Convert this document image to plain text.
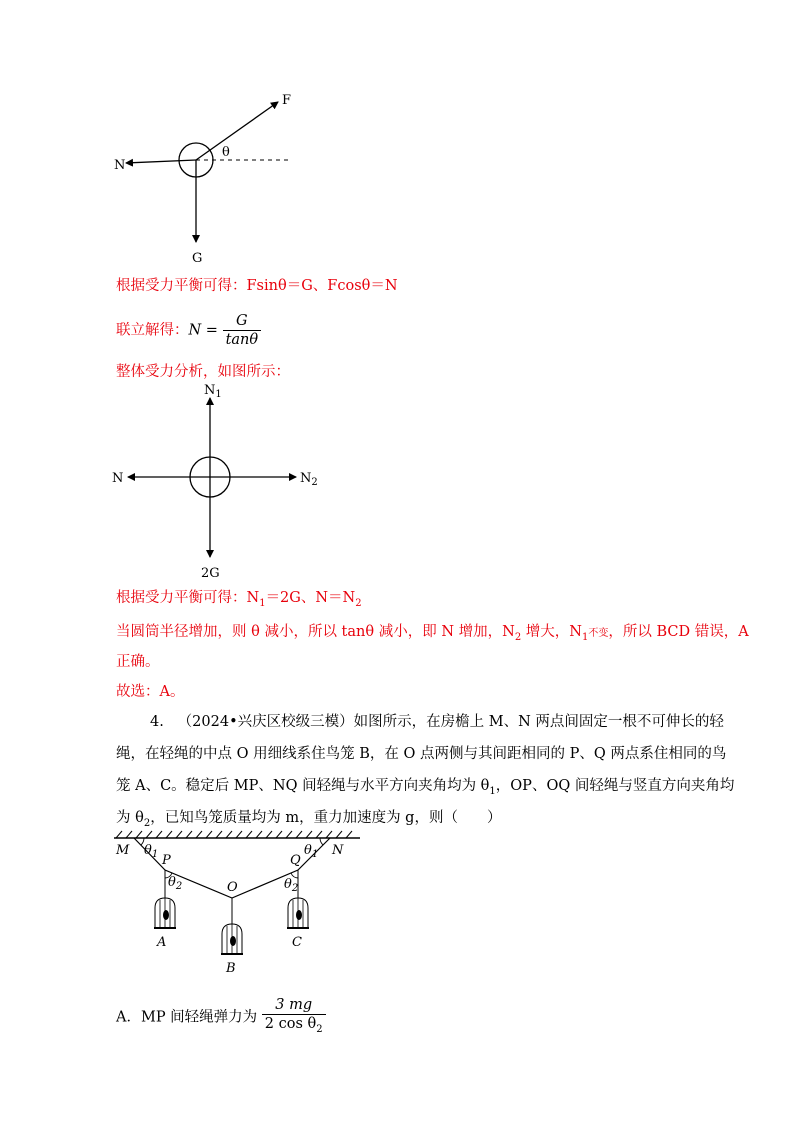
F
N
G
θ
根据受力平衡可得：Fsinθ＝G、Fcosθ＝N
联立解得：$N = \frac{G}{\tan\theta}$
整体受力分析，如图所示：
$N_1$
N	$N_2$
2G
根据受力平衡可得：$N_1=2G$、$N=N_2$
当圆筒半径增加，则 θ 减小，所以 tanθ 减小，即 N 增加，$N_2$ 增大，$N_1$不变，所以 BCD 错误，A
正确。
故选：A。
4. （2024•兴庆区校级三模）如图所示，在房檐上 M、N 两点间固定一根不可伸长的轻
绳，在轻绳的中点 O 用细线系住鸟笼 B，在 O 点两侧与其间距相同的 P、Q 两点系住相同的鸟
笼 A、C。稳定后 MP、NQ 间轻绳与水平方向夹角均为 $\theta_1$，OP、OQ 间轻绳与竖直方向夹角均
为 $\theta_2$，已知鸟笼质量均为 m，重力加速度为 g，则（　　）
M $\theta_1$ P
$\theta_2$	O
Q
$\theta_1$ N
$\theta_2$
A
B
C
A．MP 间轻绳弹力为 $\frac{3 mg}{2 \cos \theta_2}$
